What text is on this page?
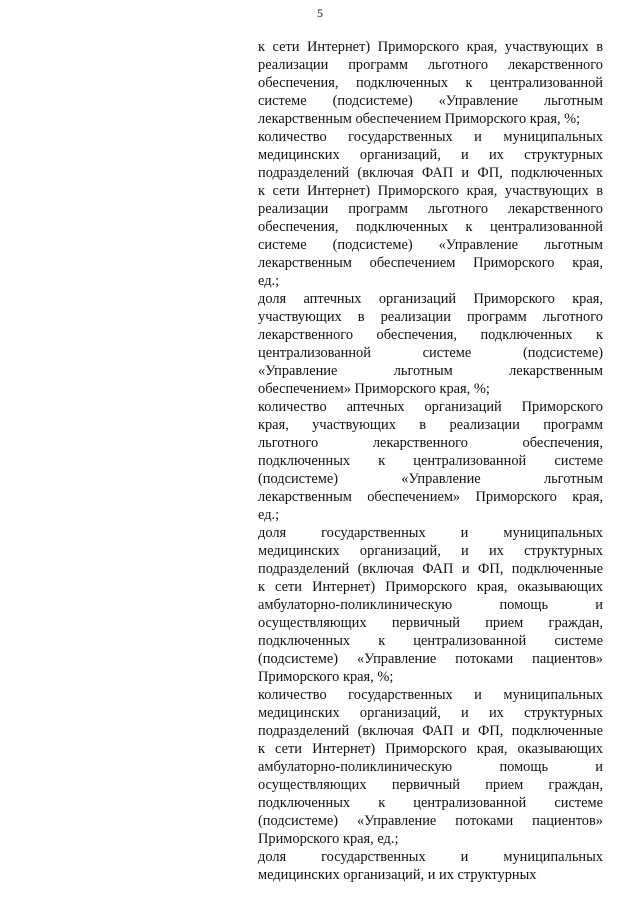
5
к сети Интернет) Приморского края, участвующих в
реализации программ льготного лекарственного
обеспечения, подключенных к централизованной
системе (подсистеме) «Управление льготным
лекарственным обеспечением Приморского края, %;
количество государственных и муниципальных
медицинских организаций, и их структурных
подразделений (включая ФАП и ФП, подключенных
к сети Интернет) Приморского края, участвующих в
реализации программ льготного лекарственного
обеспечения, подключенных к централизованной
системе (подсистеме) «Управление льготным
лекарственным обеспечением Приморского края,
ед.;
доля аптечных организаций Приморского края,
участвующих в реализации программ льготного
лекарственного обеспечения, подключенных к
централизованной системе (подсистеме)
«Управление льготным лекарственным
обеспечением» Приморского края, %;
количество аптечных организаций Приморского
края, участвующих в реализации программ
льготного лекарственного обеспечения,
подключенных к централизованной системе
(подсистеме) «Управление льготным
лекарственным обеспечением» Приморского края,
ед.;
доля государственных и муниципальных
медицинских организаций, и их структурных
подразделений (включая ФАП и ФП, подключенные
к сети Интернет) Приморского края, оказывающих
амбулаторно-поликлиническую помощь и
осуществляющих первичный прием граждан,
подключенных к централизованной системе
(подсистеме) «Управление потоками пациентов»
Приморского края, %;
количество государственных и муниципальных
медицинских организаций, и их структурных
подразделений (включая ФАП и ФП, подключенные
к сети Интернет) Приморского края, оказывающих
амбулаторно-поликлиническую помощь и
осуществляющих первичный прием граждан,
подключенных к централизованной системе
(подсистеме) «Управление потоками пациентов»
Приморского края, ед.;
доля государственных и муниципальных
медицинских организаций, и их структурных
